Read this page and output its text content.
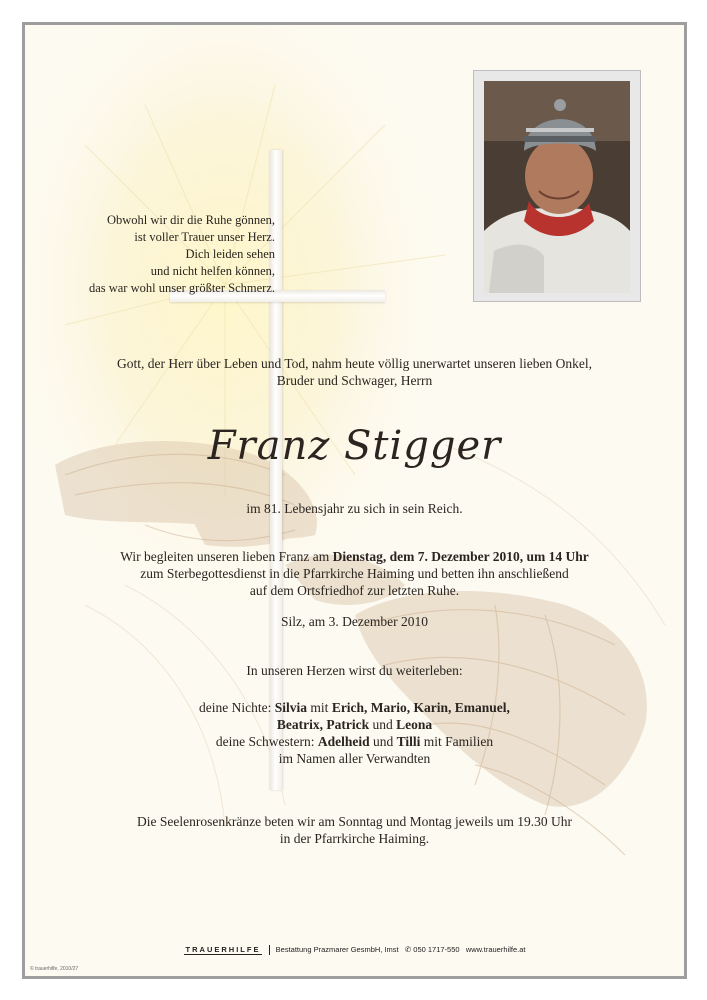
Obwohl wir dir die Ruhe gönnen,
ist voller Trauer unser Herz.
Dich leiden sehen
und nicht helfen können,
das war wohl unser größter Schmerz.
Gott, der Herr über Leben und Tod, nahm heute völlig unerwartet unseren lieben Onkel,
Bruder und Schwager, Herrn
Franz Stigger
im 81. Lebensjahr zu sich in sein Reich.
Wir begleiten unseren lieben Franz am Dienstag, dem 7. Dezember 2010, um 14 Uhr
zum Sterbegottesdienst in die Pfarrkirche Haiming und betten ihn anschließend
auf dem Ortsfriedhof zur letzten Ruhe.
Silz, am 3. Dezember 2010
In unseren Herzen wirst du weiterleben:
deine Nichte: Silvia mit Erich, Mario, Karin, Emanuel,
Beatrix, Patrick und Leona
deine Schwestern: Adelheid und Tilli mit Familien
im Namen aller Verwandten
Die Seelenrosenkränze beten wir am Sonntag und Montag jeweils um 19.30 Uhr
in der Pfarrkirche Haiming.
TRAUERHILFE Bestattung Prazmarer GesmbH, Imst ✆ 050 1717-550 www.trauerhilfe.at
© trauerhilfe, 2010/27
